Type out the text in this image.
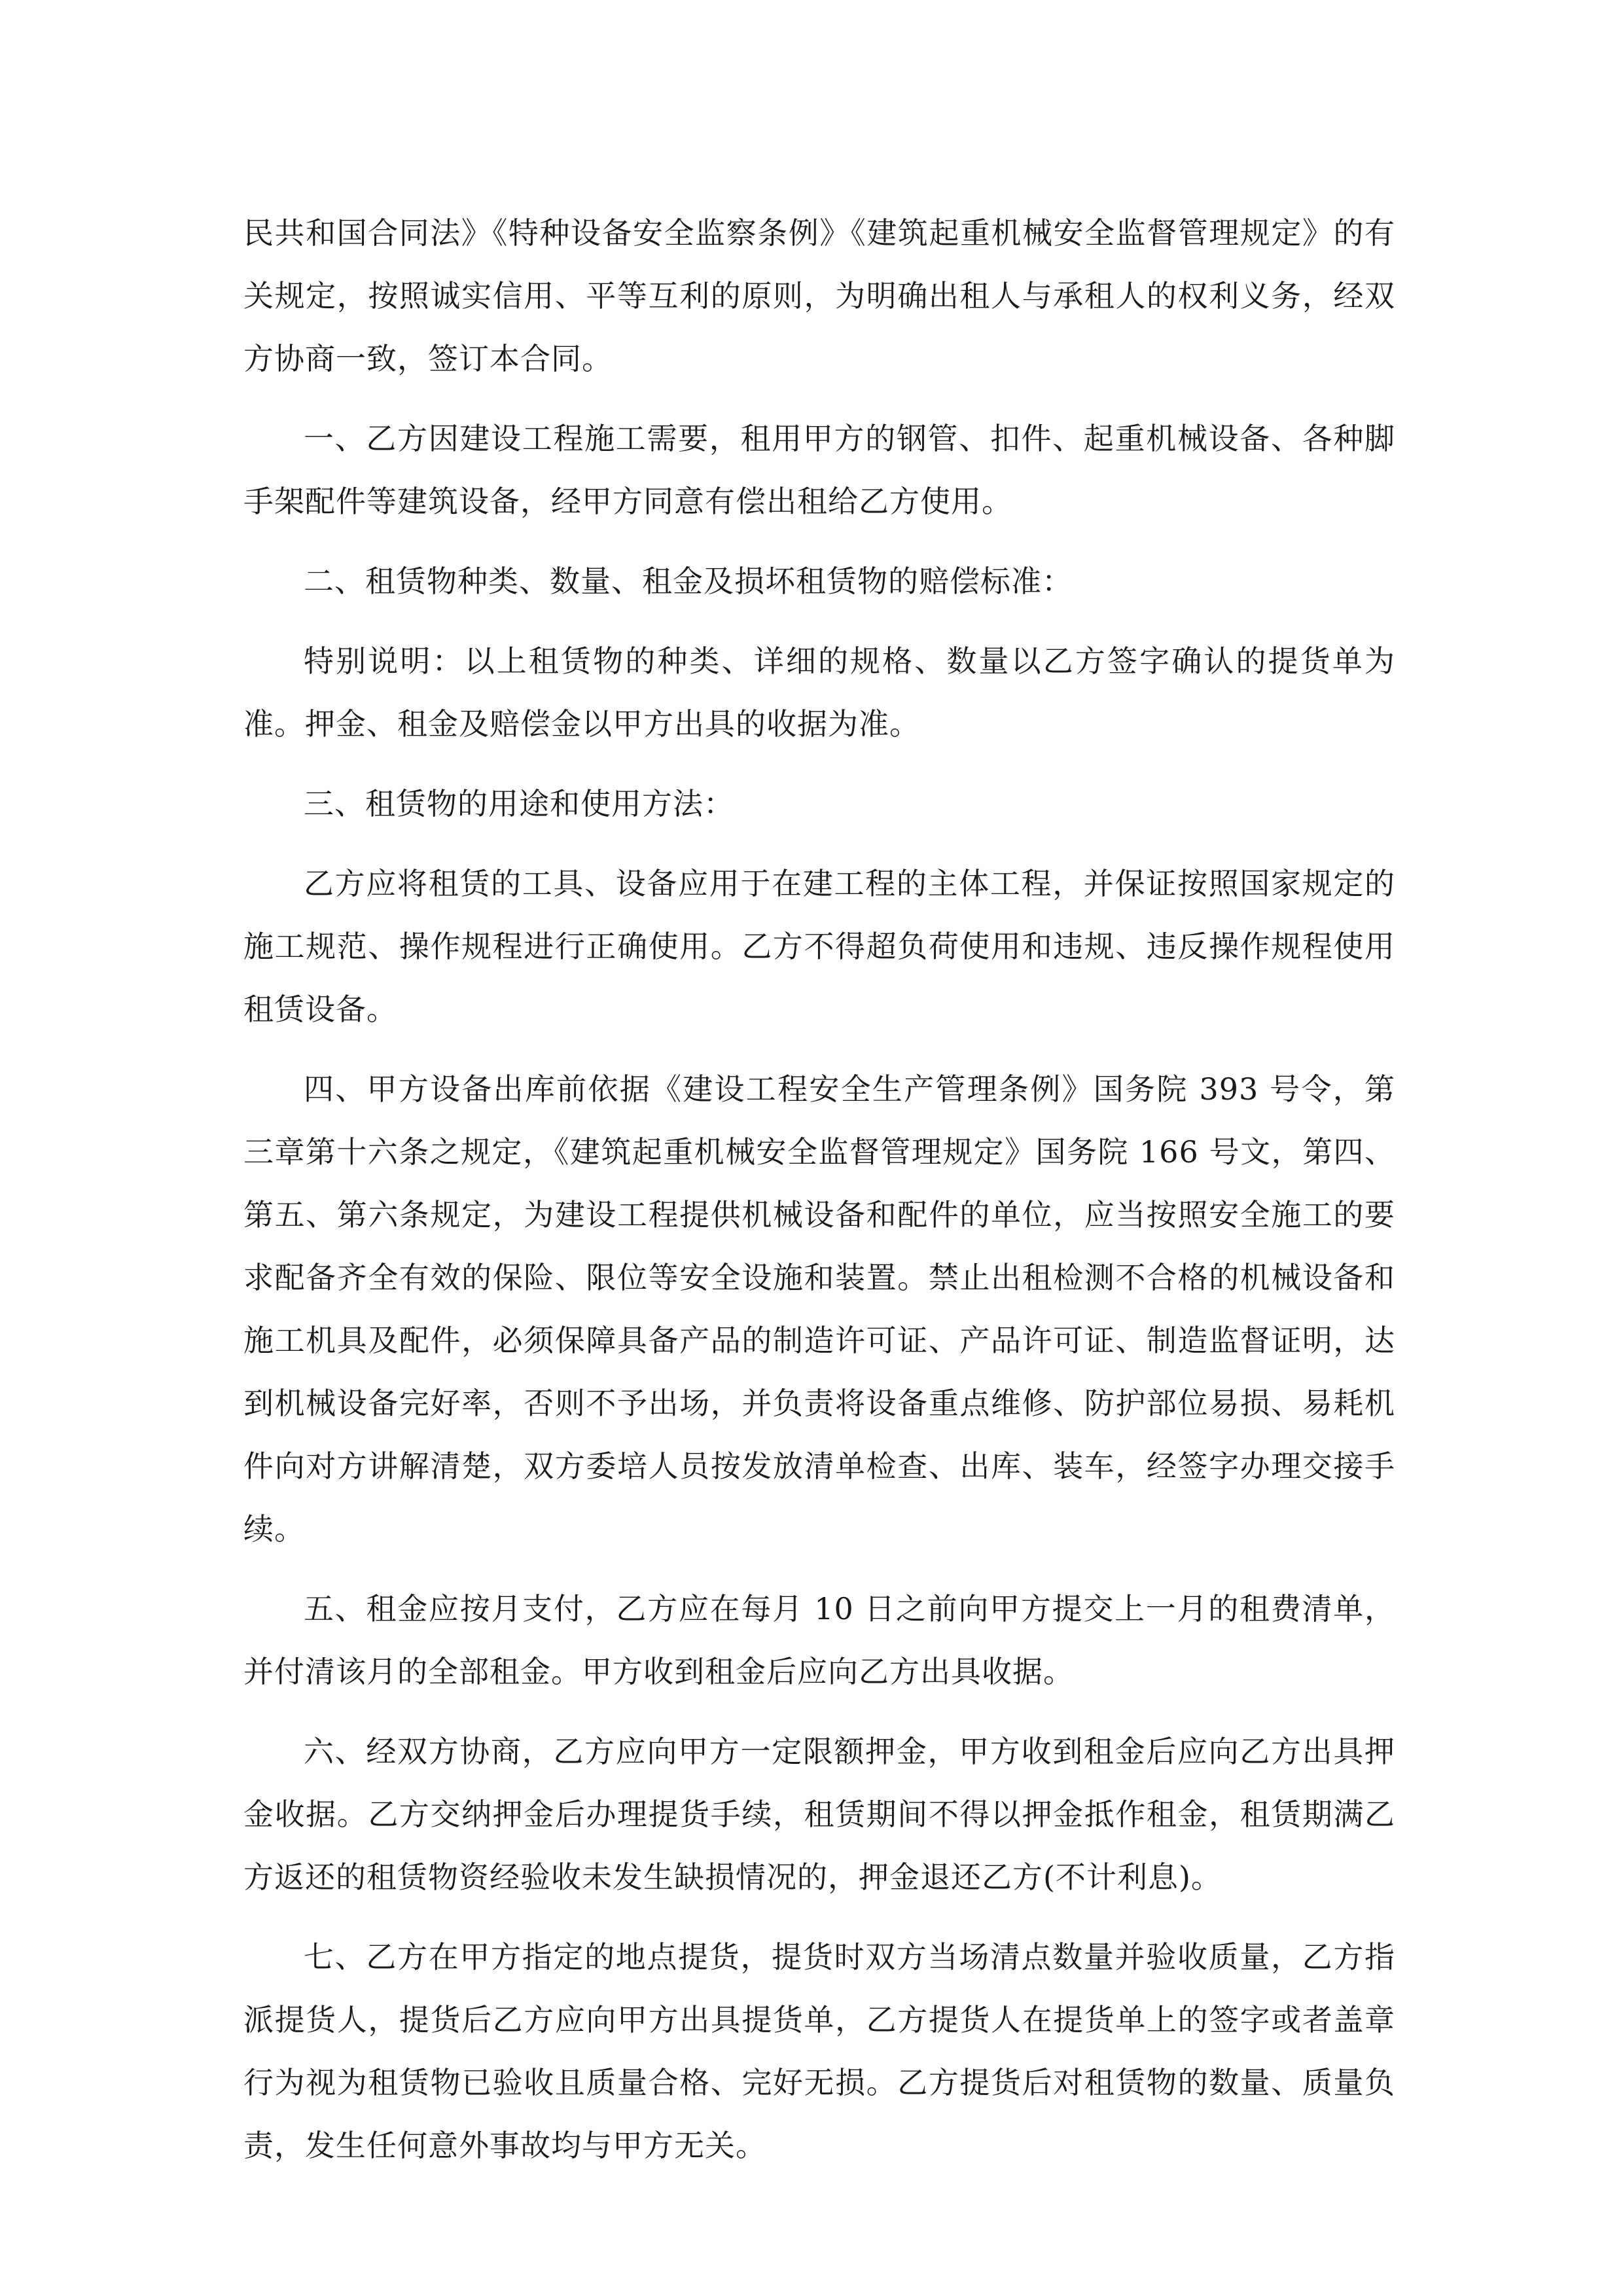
民共和国合同法》《特种设备安全监察条例》《建筑起重机械安全监督管理规定》的有关规定，按照诚实信用、平等互利的原则，为明确出租人与承租人的权利义务，经双方协商一致，签订本合同。

一、乙方因建设工程施工需要，租用甲方的钢管、扣件、起重机械设备、各种脚手架配件等建筑设备，经甲方同意有偿出租给乙方使用。

二、租赁物种类、数量、租金及损坏租赁物的赔偿标准：

特别说明：以上租赁物的种类、详细的规格、数量以乙方签字确认的提货单为准。押金、租金及赔偿金以甲方出具的收据为准。

三、租赁物的用途和使用方法：

乙方应将租赁的工具、设备应用于在建工程的主体工程，并保证按照国家规定的施工规范、操作规程进行正确使用。乙方不得超负荷使用和违规、违反操作规程使用租赁设备。

四、甲方设备出库前依据《建设工程安全生产管理条例》国务院 393 号令，第三章第十六条之规定，《建筑起重机械安全监督管理规定》国务院 166 号文，第四、第五、第六条规定，为建设工程提供机械设备和配件的单位，应当按照安全施工的要求配备齐全有效的保险、限位等安全设施和装置。禁止出租检测不合格的机械设备和施工机具及配件，必须保障具备产品的制造许可证、产品许可证、制造监督证明，达到机械设备完好率，否则不予出场，并负责将设备重点维修、防护部位易损、易耗机件向对方讲解清楚，双方委培人员按发放清单检查、出库、装车，经签字办理交接手续。

五、租金应按月支付，乙方应在每月 10 日之前向甲方提交上一月的租费清单，并付清该月的全部租金。甲方收到租金后应向乙方出具收据。

六、经双方协商，乙方应向甲方一定限额押金，甲方收到租金后应向乙方出具押金收据。乙方交纳押金后办理提货手续，租赁期间不得以押金抵作租金，租赁期满乙方返还的租赁物资经验收未发生缺损情况的，押金退还乙方(不计利息)。

七、乙方在甲方指定的地点提货，提货时双方当场清点数量并验收质量，乙方指派提货人，提货后乙方应向甲方出具提货单，乙方提货人在提货单上的签字或者盖章行为视为租赁物已验收且质量合格、完好无损。乙方提货后对租赁物的数量、质量负责，发生任何意外事故均与甲方无关。
